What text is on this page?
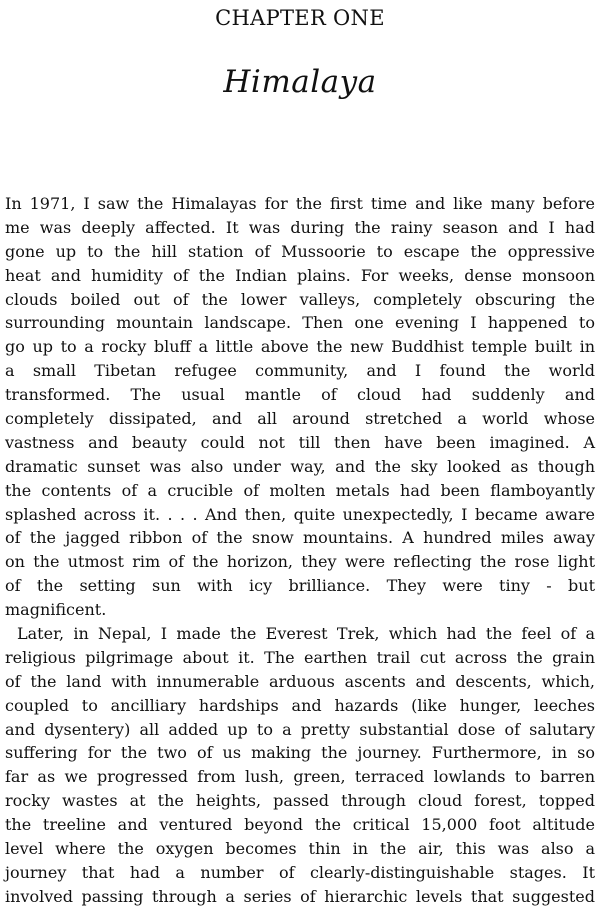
CHAPTER ONE
Himalaya
In 1971, I saw the Himalayas for the first time and like many before
me was deeply affected. It was during the rainy season and I had
gone up to the hill station of Mussoorie to escape the oppressive
heat and humidity of the Indian plains. For weeks, dense monsoon
clouds boiled out of the lower valleys, completely obscuring the
surrounding mountain landscape. Then one evening I happened to
go up to a rocky bluff a little above the new Buddhist temple built in
a small Tibetan refugee community, and I found the world
transformed. The usual mantle of cloud had suddenly and
completely dissipated, and all around stretched a world whose
vastness and beauty could not till then have been imagined. A
dramatic sunset was also under way, and the sky looked as though
the contents of a crucible of molten metals had been flamboyantly
splashed across it. . . . And then, quite unexpectedly, I became aware
of the jagged ribbon of the snow mountains. A hundred miles away
on the utmost rim of the horizon, they were reflecting the rose light
of the setting sun with icy brilliance. They were tiny - but
magnificent.
Later, in Nepal, I made the Everest Trek, which had the feel of a
religious pilgrimage about it. The earthen trail cut across the grain
of the land with innumerable arduous ascents and descents, which,
coupled to ancilliary hardships and hazards (like hunger, leeches
and dysentery) all added up to a pretty substantial dose of salutary
suffering for the two of us making the journey. Furthermore, in so
far as we progressed from lush, green, terraced lowlands to barren
rocky wastes at the heights, passed through cloud forest, topped
the treeline and ventured beyond the critical 15,000 foot altitude
level where the oxygen becomes thin in the air, this was also a
journey that had a number of clearly-distinguishable stages. It
involved passing through a series of hierarchic levels that suggested
